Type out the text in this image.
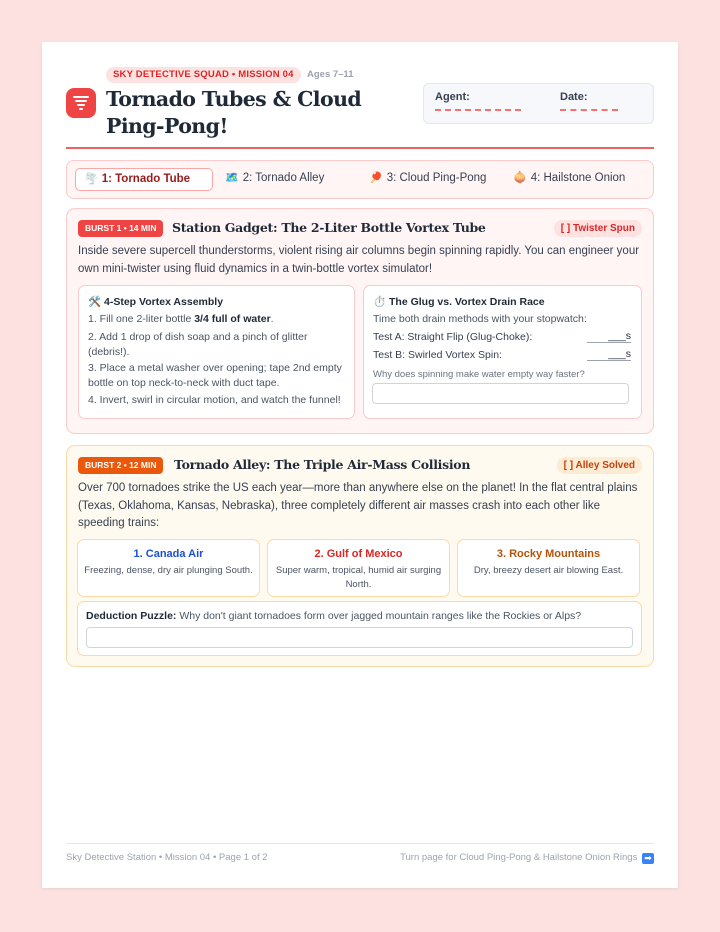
SKY DETECTIVE SQUAD • MISSION 04	Ages 7–11
Tornado Tubes & Cloud Ping-Pong!
Agent:	Date:
🌪️ 1: Tornado Tube	🗺️ 2: Tornado Alley	🏓 3: Cloud Ping-Pong	🧅 4: Hailstone Onion
BURST 1 • 14 MIN	Station Gadget: The 2-Liter Bottle Vortex Tube	[ ] Twister Spun
Inside severe supercell thunderstorms, violent rising air columns begin spinning rapidly. You can engineer your own mini-twister using fluid dynamics in a twin-bottle vortex simulator!
🛠️ 4-Step Vortex Assembly
1. Fill one 2-liter bottle 3/4 full of water.
2. Add 1 drop of dish soap and a pinch of glitter (debris!).
3. Place a metal washer over opening; tape 2nd empty bottle on top neck-to-neck with duct tape.
4. Invert, swirl in circular motion, and watch the funnel!
⏱️ The Glug vs. Vortex Drain Race
Time both drain methods with your stopwatch:
Test A: Straight Flip (Glug-Choke):	___s
Test B: Swirled Vortex Spin:	___s
Why does spinning make water empty way faster?
BURST 2 • 12 MIN	Tornado Alley: The Triple Air-Mass Collision	[ ] Alley Solved
Over 700 tornadoes strike the US each year—more than anywhere else on the planet! In the flat central plains (Texas, Oklahoma, Kansas, Nebraska), three completely different air masses crash into each other like speeding trains:
1. Canada Air
Freezing, dense, dry air plunging South.
2. Gulf of Mexico
Super warm, tropical, humid air surging North.
3. Rocky Mountains
Dry, breezy desert air blowing East.
Deduction Puzzle: Why don't giant tornadoes form over jagged mountain ranges like the Rockies or Alps?
Sky Detective Station • Mission 04 • Page 1 of 2	Turn page for Cloud Ping-Pong & Hailstone Onion Rings ➡
